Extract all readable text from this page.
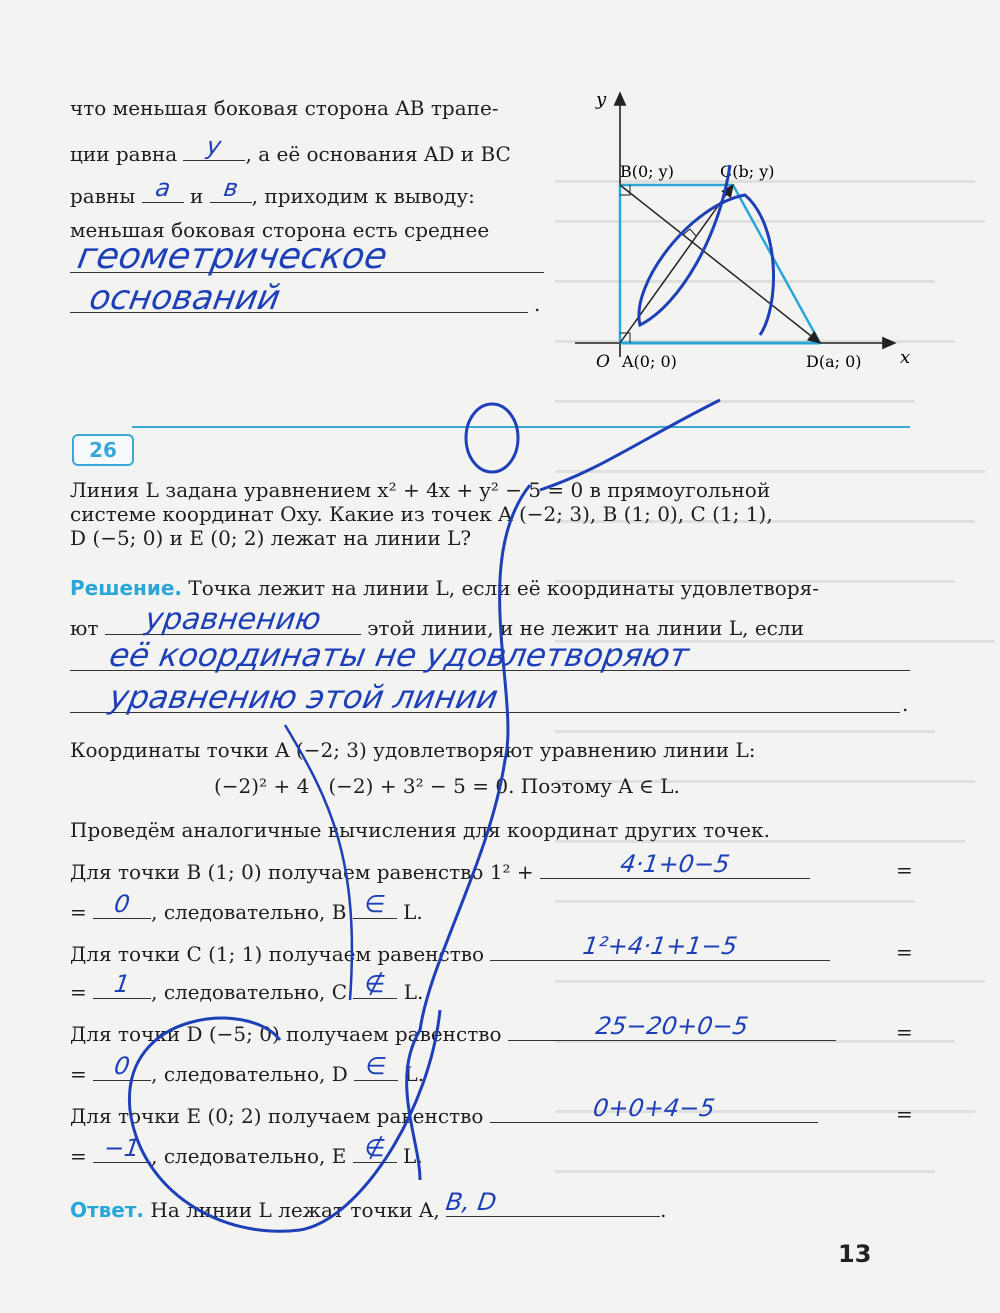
что меньшая боковая сторона AB трапе-
ции равна	у	, а её основания AD и BC
равны а и в , приходим к выводу:
меньшая боковая сторона есть среднее
геометрическое
оснований	.
y
x
B(0; y)	C(b; y)
O A(0; 0)	D(a; 0)
26
Линия L задана уравнением x² + 4x + y² − 5 = 0 в прямоугольной
системе координат Oxy. Какие из точек A (−2; 3), B (1; 0), C (1; 1),
D (−5; 0) и E (0; 2) лежат на линии L?
Решение. Точка лежит на линии L, если её координаты удовлетворя-
ют	уравнению	этой линии, и не лежит на линии L, если
её координаты не удовлетворяют
уравнению этой линии	.
Координаты точки A (−2; 3) удовлетворяют уравнению линии L:
(−2)² + 4 · (−2) + 3² − 5 = 0. Поэтому A ∈ L.
Проведём аналогичные вычисления для координат других точек.
Для точки B (1; 0) получаем равенство 1² +	4·1+0−5	=
=	0 , следовательно, B ∈ L.
Для точки C (1; 1) получаем равенство	1²+4·1+1−5	=
=	1 , следовательно, C ∉ L.
Для точки D (−5; 0) получаем равенство	25−20+0−5	=
=	0 , следовательно, D ∈ L.
Для точки E (0; 2) получаем равенство	0+0+4−5	=
= −1 , следовательно, E ∉ L.
Ответ. На линии L лежат точки A, B, D	.
13
